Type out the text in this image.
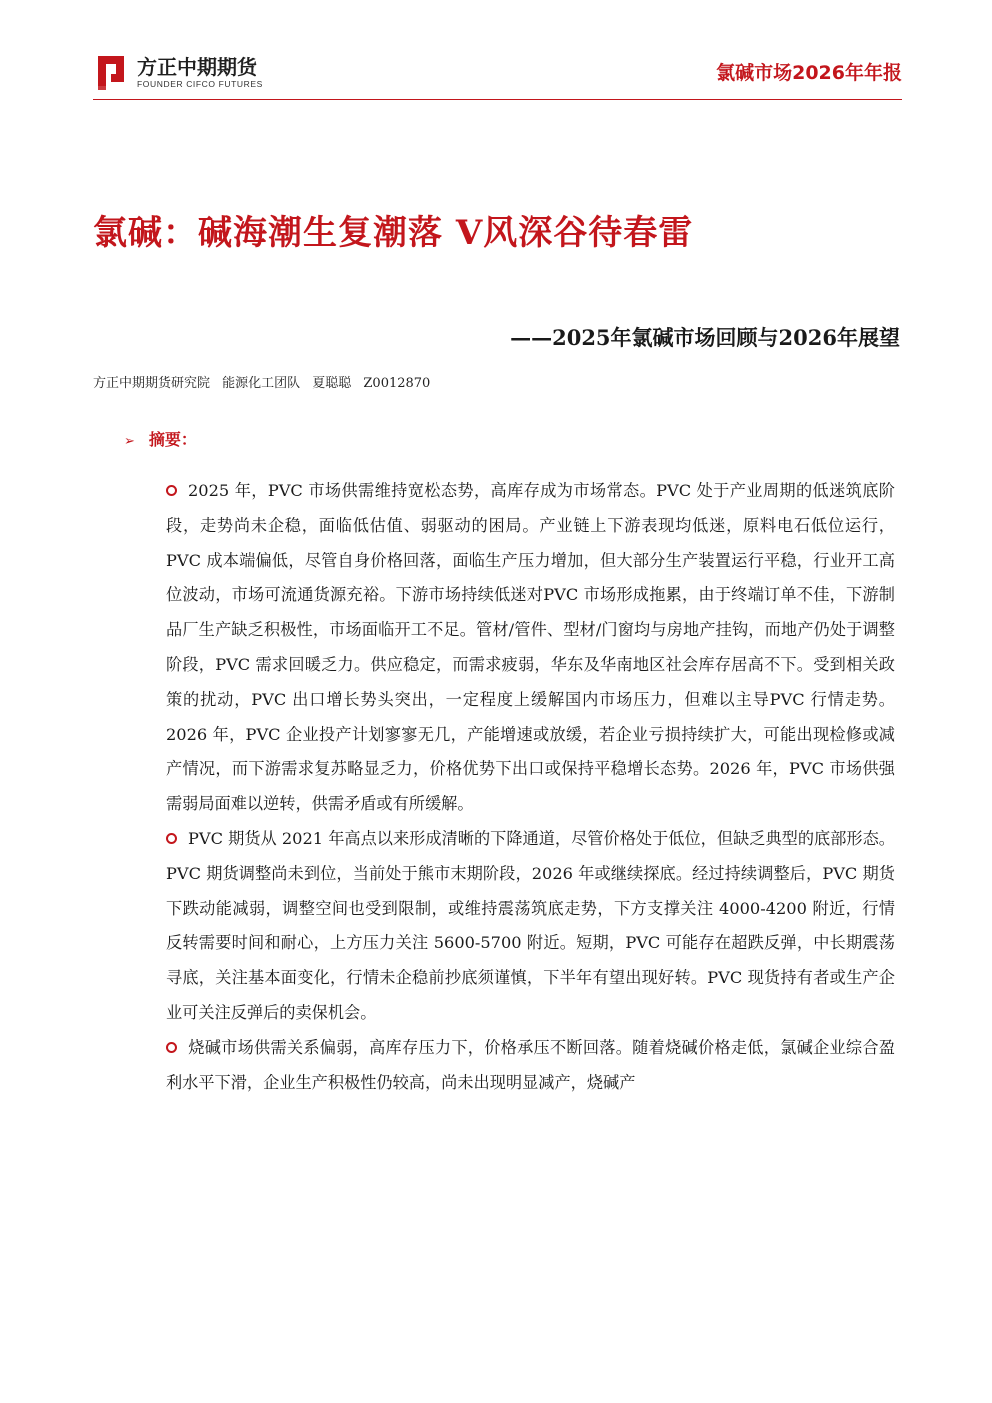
方正中期期货
FOUNDER CIFCO FUTURES	氯碱市场2026年年报
氯碱：碱海潮生复潮落 V风深谷待春雷
——2025年氯碱市场回顾与2026年展望
方正中期期货研究院 能源化工团队 夏聪聪 Z0012870
➢ 摘要：

2025 年，PVC 市场供需维持宽松态势，高库存成为市场常态。PVC 处于产业周期的低迷筑底阶段，走势尚未企稳，面临低估值、弱驱动的困局。产业链上下游表现均低迷，原料电石低位运行，PVC 成本端偏低，尽管自身价格回落，面临生产压力增加，但大部分生产装置运行平稳，行业开工高位波动，市场可流通货源充裕。下游市场持续低迷对PVC 市场形成拖累，由于终端订单不佳，下游制品厂生产缺乏积极性，市场面临开工不足。管材/管件、型材/门窗均与房地产挂钩，而地产仍处于调整阶段，PVC 需求回暖乏力。供应稳定，而需求疲弱，华东及华南地区社会库存居高不下。受到相关政策的扰动，PVC 出口增长势头突出，一定程度上缓解国内市场压力，但难以主导PVC 行情走势。2026 年，PVC 企业投产计划寥寥无几，产能增速或放缓，若企业亏损持续扩大，可能出现检修或减产情况，而下游需求复苏略显乏力，价格优势下出口或保持平稳增长态势。2026 年，PVC 市场供强需弱局面难以逆转，供需矛盾或有所缓解。

PVC 期货从 2021 年高点以来形成清晰的下降通道，尽管价格处于低位，但缺乏典型的底部形态。PVC 期货调整尚未到位，当前处于熊市末期阶段，2026 年或继续探底。经过持续调整后，PVC 期货下跌动能减弱，调整空间也受到限制，或维持震荡筑底走势，下方支撑关注 4000-4200 附近，行情反转需要时间和耐心，上方压力关注 5600-5700 附近。短期，PVC 可能存在超跌反弹，中长期震荡寻底，关注基本面变化，行情未企稳前抄底须谨慎，下半年有望出现好转。PVC 现货持有者或生产企业可关注反弹后的卖保机会。

烧碱市场供需关系偏弱，高库存压力下，价格承压不断回落。随着烧碱价格走低，氯碱企业综合盈利水平下滑，企业生产积极性仍较高，尚未出现明显减产，烧碱产
